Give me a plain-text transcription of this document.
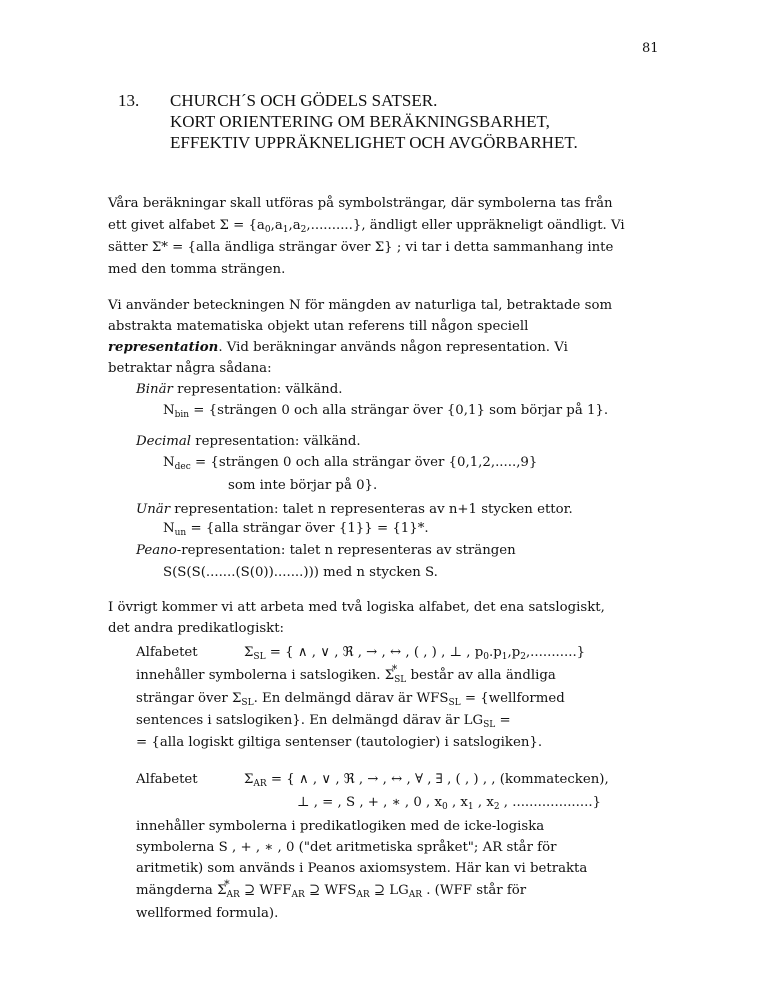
81
13. CHURCH´S OCH GÖDELS SATSER.
KORT ORIENTERING OM BERÄKNINGSBARHET,
EFFEKTIV UPPRÄKNELIGHET OCH AVGÖRBARHET.
Våra beräkningar skall utföras på symbolsträngar, där symbolerna tas från
ett givet alfabet $\Sigma = \{a_0,a_1,a_2,..........\}$, ändligt eller uppräkneligt oändligt. Vi
sätter Σ* = {alla ändliga strängar över Σ} ; vi tar i detta sammanhang inte
med den tomma strängen.
Vi använder beteckningen N för mängden av naturliga tal, betraktade som
abstrakta matematiska objekt utan referens till någon speciell
representation. Vid beräkningar används någon representation. Vi
betraktar några sådana:
Binär representation: välkänd.
$N_{bin}$ = {strängen 0 och alla strängar över {0,1} som börjar på 1}.
Decimal representation: välkänd.
$N_{dec}$ = {strängen 0 och alla strängar över {0,1,2,.....,9}
som inte börjar på 0}.
Unär representation: talet n representeras av n+1 stycken ettor.
$N_{un}$ = {alla strängar över {1}} = {1}*.
Peano-representation: talet n representeras av strängen
S(S(S(.......(S(0)).......))) med n stycken S.
I övrigt kommer vi att arbeta med två logiska alfabet, det ena satslogiskt,
det andra predikatlogiskt:
Alfabetet	$\Sigma_{SL}$ = { ∧ , ∨ , ℜ , → , ↔ , ( , ) , ⊥ , $p_0.p_1,p_2$,...........}
innehåller symbolerna i satslogiken. Σ
*
$_{SL}$ består av alla ändliga
strängar över $\Sigma_{SL}$. En delmängd därav är $WFS_{SL}$ = {wellformed
sentences i satslogiken}. En delmängd därav är $LG_{SL}$ =
= {alla logiskt giltiga sentenser (tautologier) i satslogiken}.
Alfabetet	$\Sigma_{AR}$ = { ∧ , ∨ , ℜ , → , ↔ , ∀ , ∃ , ( , ) , , (kommatecken),
⊥ , = , S , + , ∗ , 0 , $x_0$ , $x_1$ , $x_2$ , ...................}
innehåller symbolerna i predikatlogiken med de icke-logiska
symbolerna S , + , ∗ , 0 ("det aritmetiska språket"; AR står för
aritmetik) som används i Peanos axiomsystem. Här kan vi betrakta
mängderna Σ
*
$_{AR}$ ⊇ $WFF_{AR}$ ⊇ $WFS_{AR}$ ⊇ $LG_{AR}$ . (WFF står för
wellformed formula).
